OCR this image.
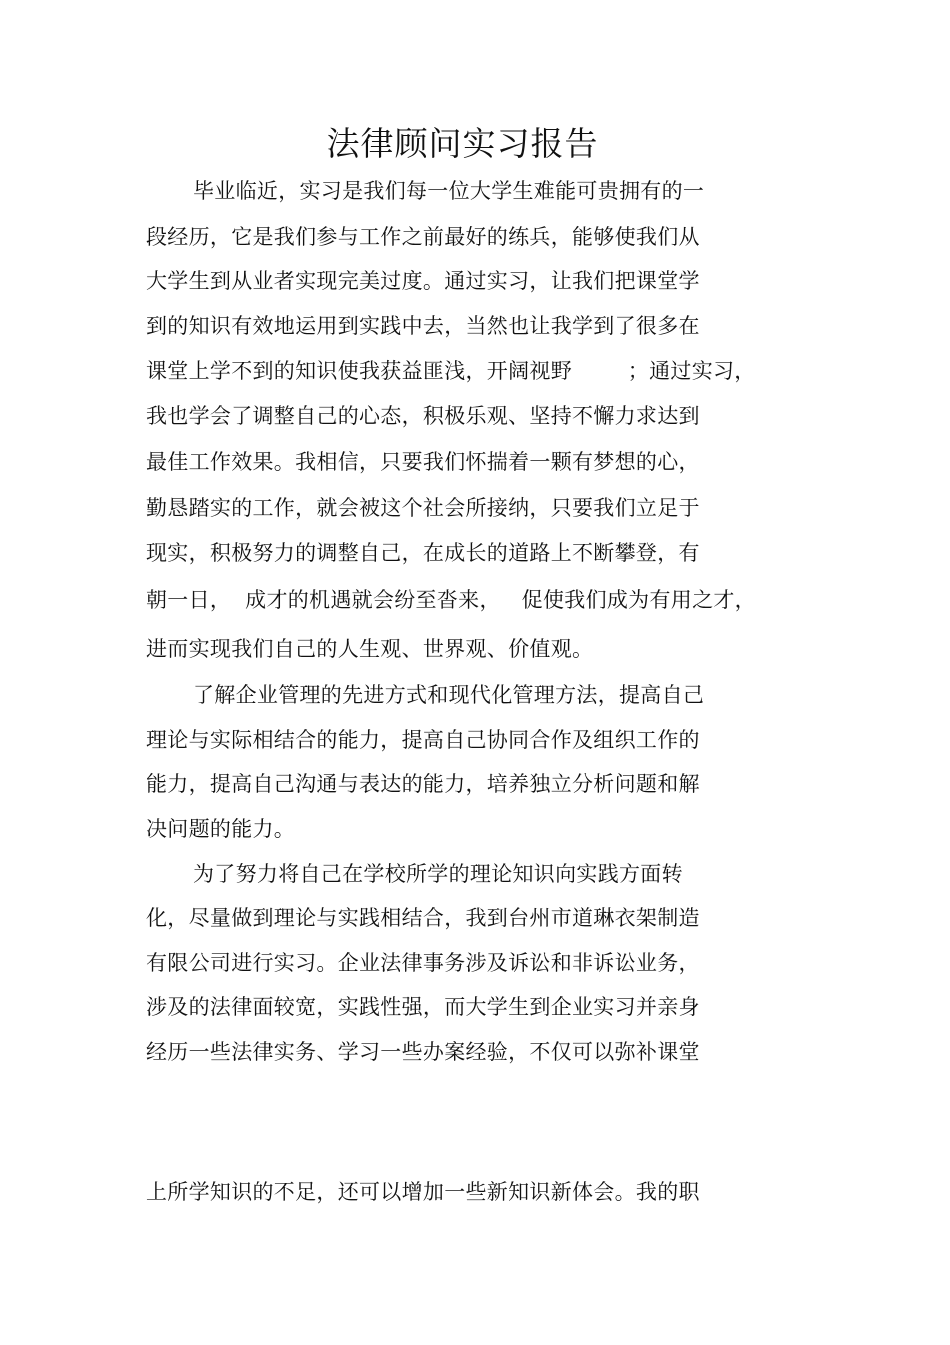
法律顾问实习报告
毕业临近，实习是我们每一位大学生难能可贵拥有的一
段经历，它是我们参与工作之前最好的练兵，能够使我们从
大学生到从业者实现完美过度。通过实习，让我们把课堂学
到的知识有效地运用到实践中去，当然也让我学到了很多在
课堂上学不到的知识使我获益匪浅，开阔视野        ；通过实习，
我也学会了调整自己的心态，积极乐观、坚持不懈力求达到
最佳工作效果。我相信，只要我们怀揣着一颗有梦想的心，
勤恳踏实的工作，就会被这个社会所接纳，只要我们立足于
现实，积极努力的调整自己，在成长的道路上不断攀登，有
朝一日，  成才的机遇就会纷至沓来，   促使我们成为有用之才，
进而实现我们自己的人生观、世界观、价值观。
了解企业管理的先进方式和现代化管理方法，提高自己
理论与实际相结合的能力，提高自己协同合作及组织工作的
能力，提高自己沟通与表达的能力，培养独立分析问题和解
决问题的能力。
为了努力将自己在学校所学的理论知识向实践方面转
化，尽量做到理论与实践相结合，我到台州市道琳衣架制造
有限公司进行实习。企业法律事务涉及诉讼和非诉讼业务，
涉及的法律面较宽，实践性强，而大学生到企业实习并亲身
经历一些法律实务、学习一些办案经验，不仅可以弥补课堂
上所学知识的不足，还可以增加一些新知识新体会。我的职
